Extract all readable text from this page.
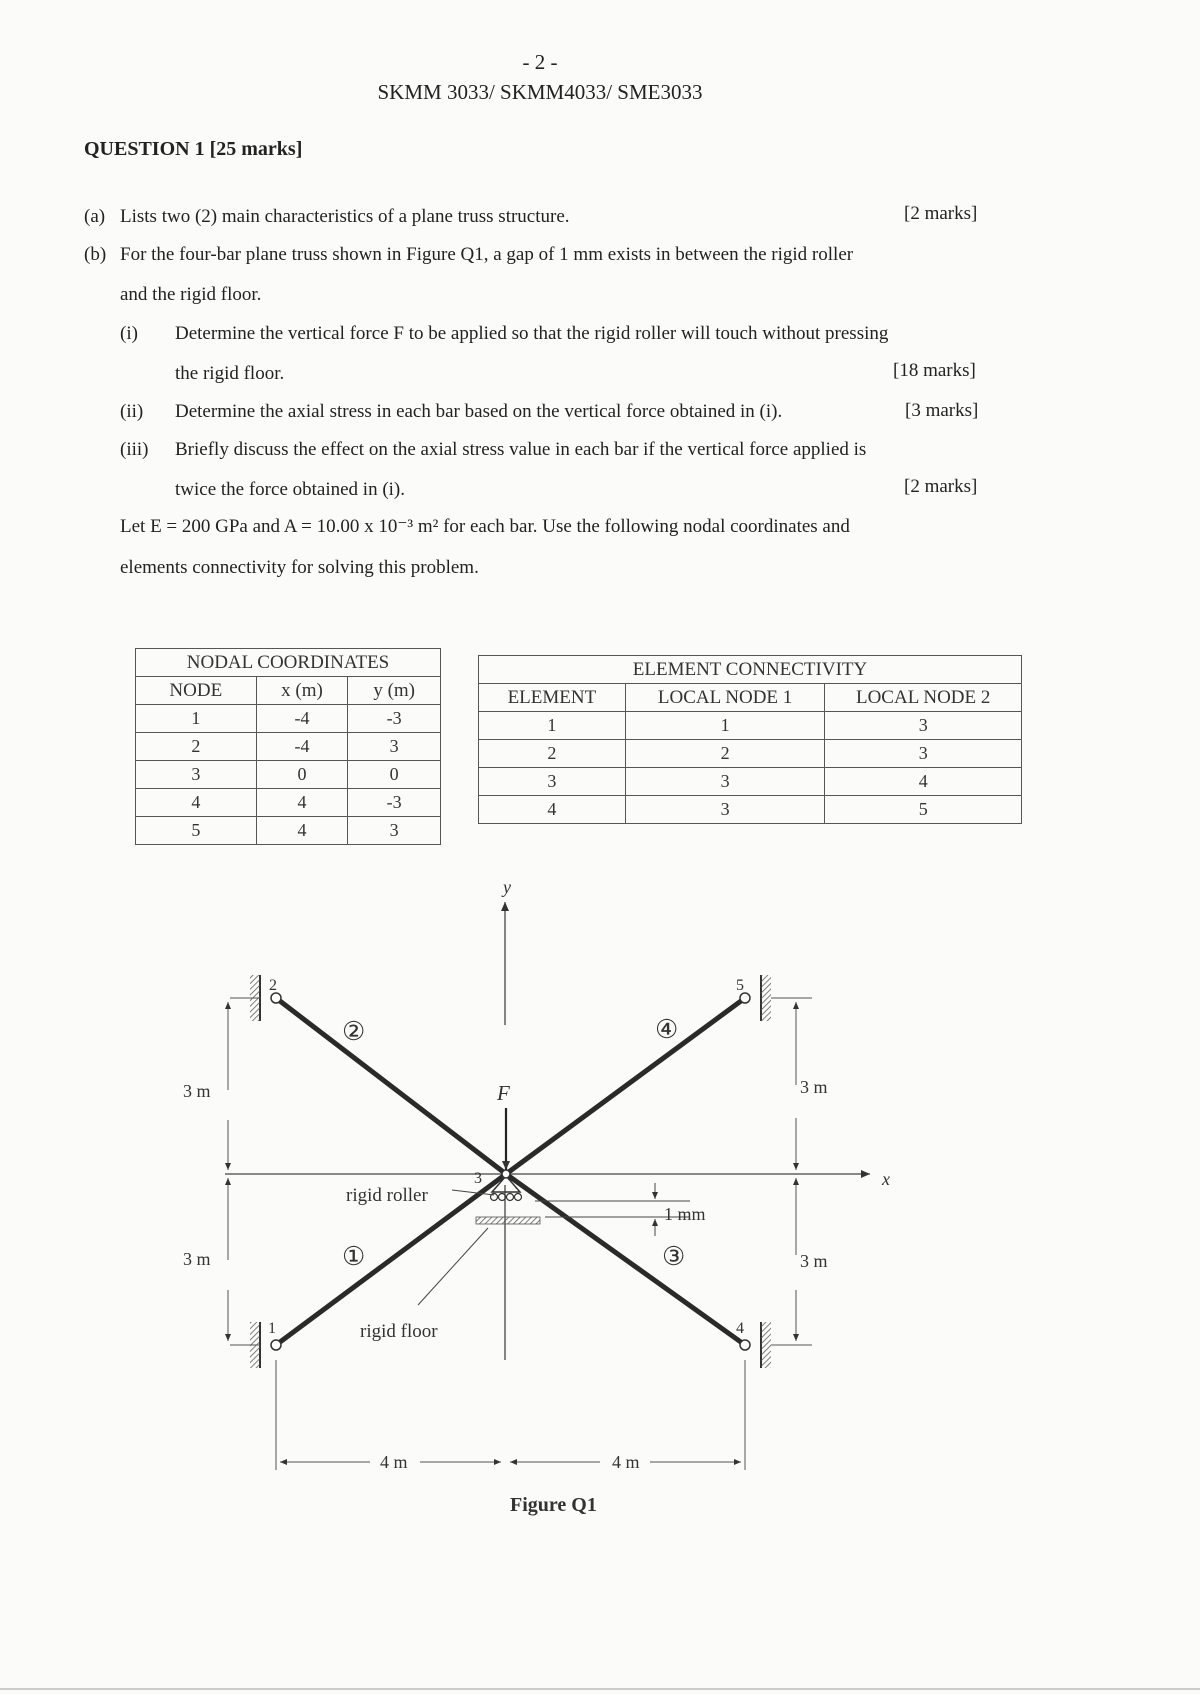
- 2 -
SKMM 3033/ SKMM4033/ SME3033
QUESTION 1 [25 marks]
(a) Lists two (2) main characteristics of a plane truss structure.	[2 marks]
(b) For the four-bar plane truss shown in Figure Q1, a gap of 1 mm exists in between the rigid roller
and the rigid floor.
(i) Determine the vertical force F to be applied so that the rigid roller will touch without pressing
the rigid floor.	[18 marks]
(ii) Determine the axial stress in each bar based on the vertical force obtained in (i).	[3 marks]
(iii) Briefly discuss the effect on the axial stress value in each bar if the vertical force applied is
twice the force obtained in (i).	[2 marks]
Let E = 200 GPa and A = 10.00 x 10⁻³ m² for each bar. Use the following nodal coordinates and
elements connectivity for solving this problem.
NODAL COORDINATES		
NODE	x (m)	y (m)
1	-4	-3
2	-4	3
3	0	0
4	4	-3
5	4	3
ELEMENT CONNECTIVITY		
ELEMENT	LOCAL NODE 1	LOCAL NODE 2
1	1	3
2	2	3
3	3	4
4	3	5
y
x
F
1
2
3
4
5
①
②
③
④
3 m
3 m
3 m
3 m
4 m	4 m
1 mm
rigid roller
rigid floor
Figure Q1
